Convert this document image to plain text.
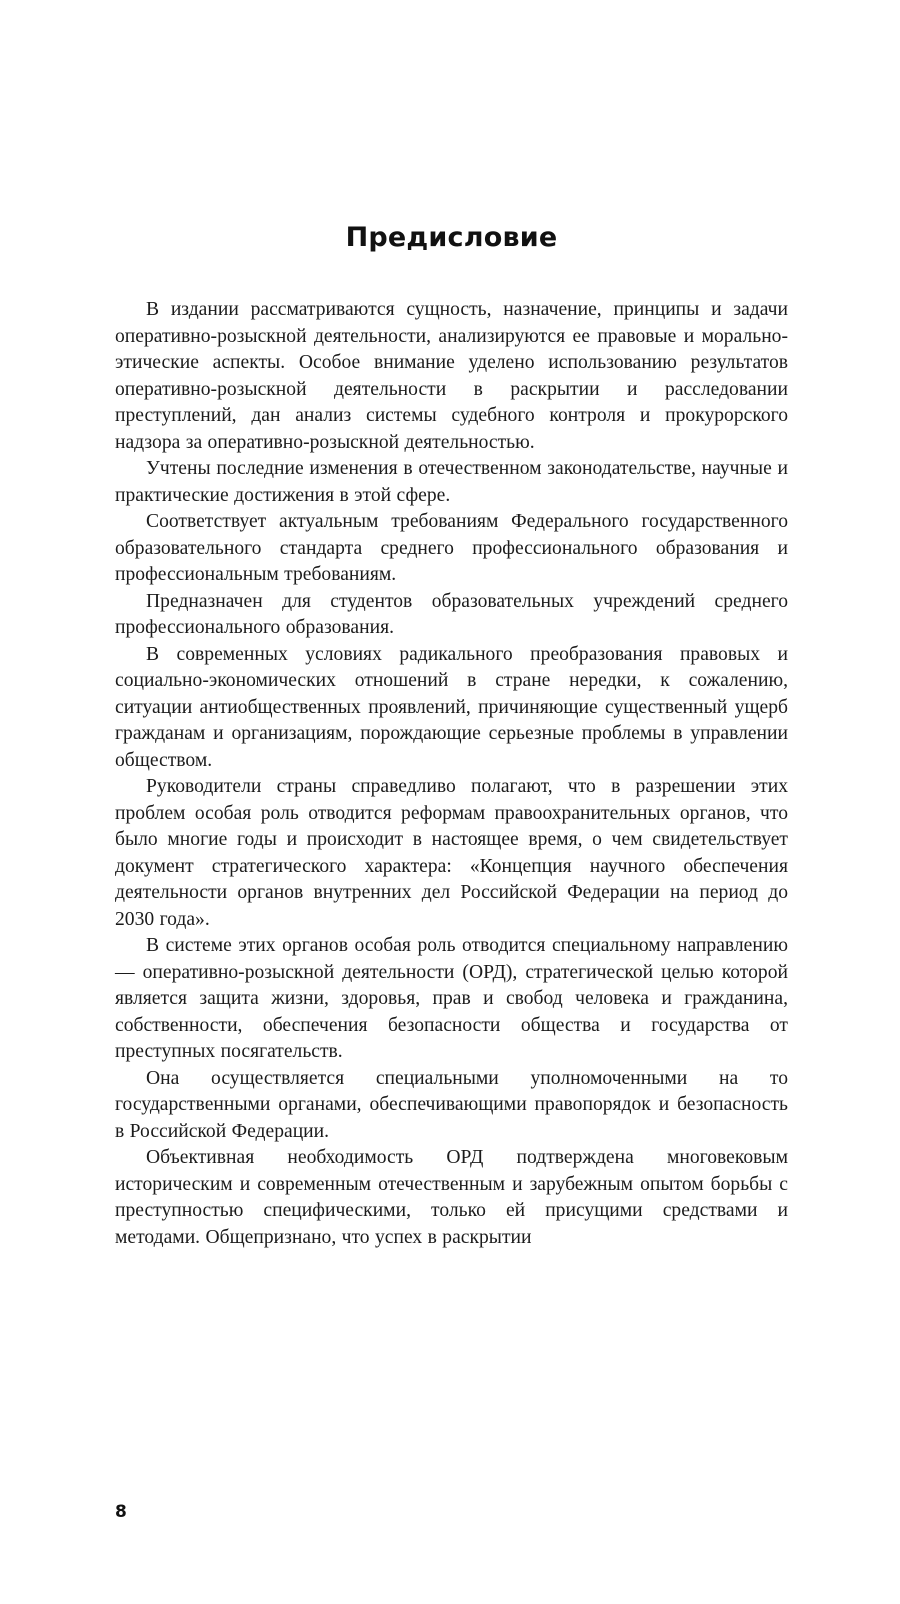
Предисловие

В издании рассматриваются сущность, назначение, принципы и задачи оперативно-розыскной деятельности, анализируются ее правовые и морально-этические аспекты. Особое внимание уделено использованию результатов оперативно-розыскной деятельности в раскрытии и расследовании преступлений, дан анализ системы судебного контроля и прокурорского надзора за оперативно-розыскной деятельностью.

Учтены последние изменения в отечественном законодательстве, научные и практические достижения в этой сфере.

Соответствует актуальным требованиям Федерального государственного образовательного стандарта среднего профессионального образования и профессиональным требованиям.

Предназначен для студентов образовательных учреждений среднего профессионального образования.

В современных условиях радикального преобразования правовых и социально-экономических отношений в стране нередки, к сожалению, ситуации антиобщественных проявлений, причиняющие существенный ущерб гражданам и организациям, порождающие серьезные проблемы в управлении обществом.

Руководители страны справедливо полагают, что в разрешении этих проблем особая роль отводится реформам правоохранительных органов, что было многие годы и происходит в настоящее время, о чем свидетельствует документ стратегического характера: «Концепция научного обеспечения деятельности органов внутренних дел Российской Федерации на период до 2030 года».

В системе этих органов особая роль отводится специальному направлению — оперативно-розыскной деятельности (ОРД), стратегической целью которой является защита жизни, здоровья, прав и свобод человека и гражданина, собственности, обеспечения безопасности общества и государства от преступных посягательств.

Она осуществляется специальными уполномоченными на то государственными органами, обеспечивающими правопорядок и безопасность в Российской Федерации.

Объективная необходимость ОРД подтверждена многовековым историческим и современным отечественным и зарубежным опытом борьбы с преступностью специфическими, только ей присущими средствами и методами. Общепризнано, что успех в раскрытии

8
